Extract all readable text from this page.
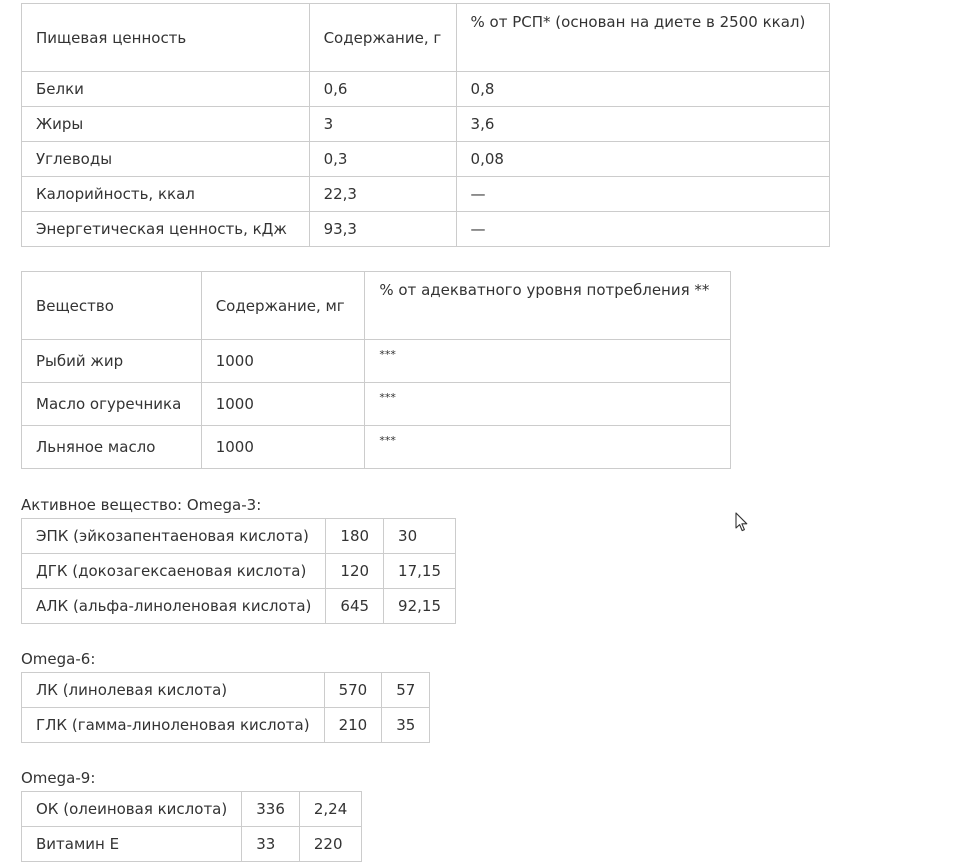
Пищевая ценность	Содержание, г	% от РСП* (основан на диете в 2500 ккал)
Белки	0,6	0,8
Жиры	3	3,6
Углеводы	0,3	0,08
Калорийность, ккал	22,3	—
Энергетическая ценность, кДж	93,3	—
Вещество	Содержание, мг	% от адекватного уровня потребления **
Рыбий жир	1000	***
Масло огуречника	1000	***
Льняное масло	1000	***
Активное вещество: Omega-3:
ЭПК (эйкозапентаеновая кислота)	180	30
ДГК (докозагексаеновая кислота)	120	17,15
АЛК (альфа-линоленовая кислота)	645	92,15
Omega-6:
ЛК (линолевая кислота)	570	57
ГЛК (гамма-линоленовая кислота)	210	35
Omega-9:
ОК (олеиновая кислота)	336	2,24
Витамин Е	33	220
